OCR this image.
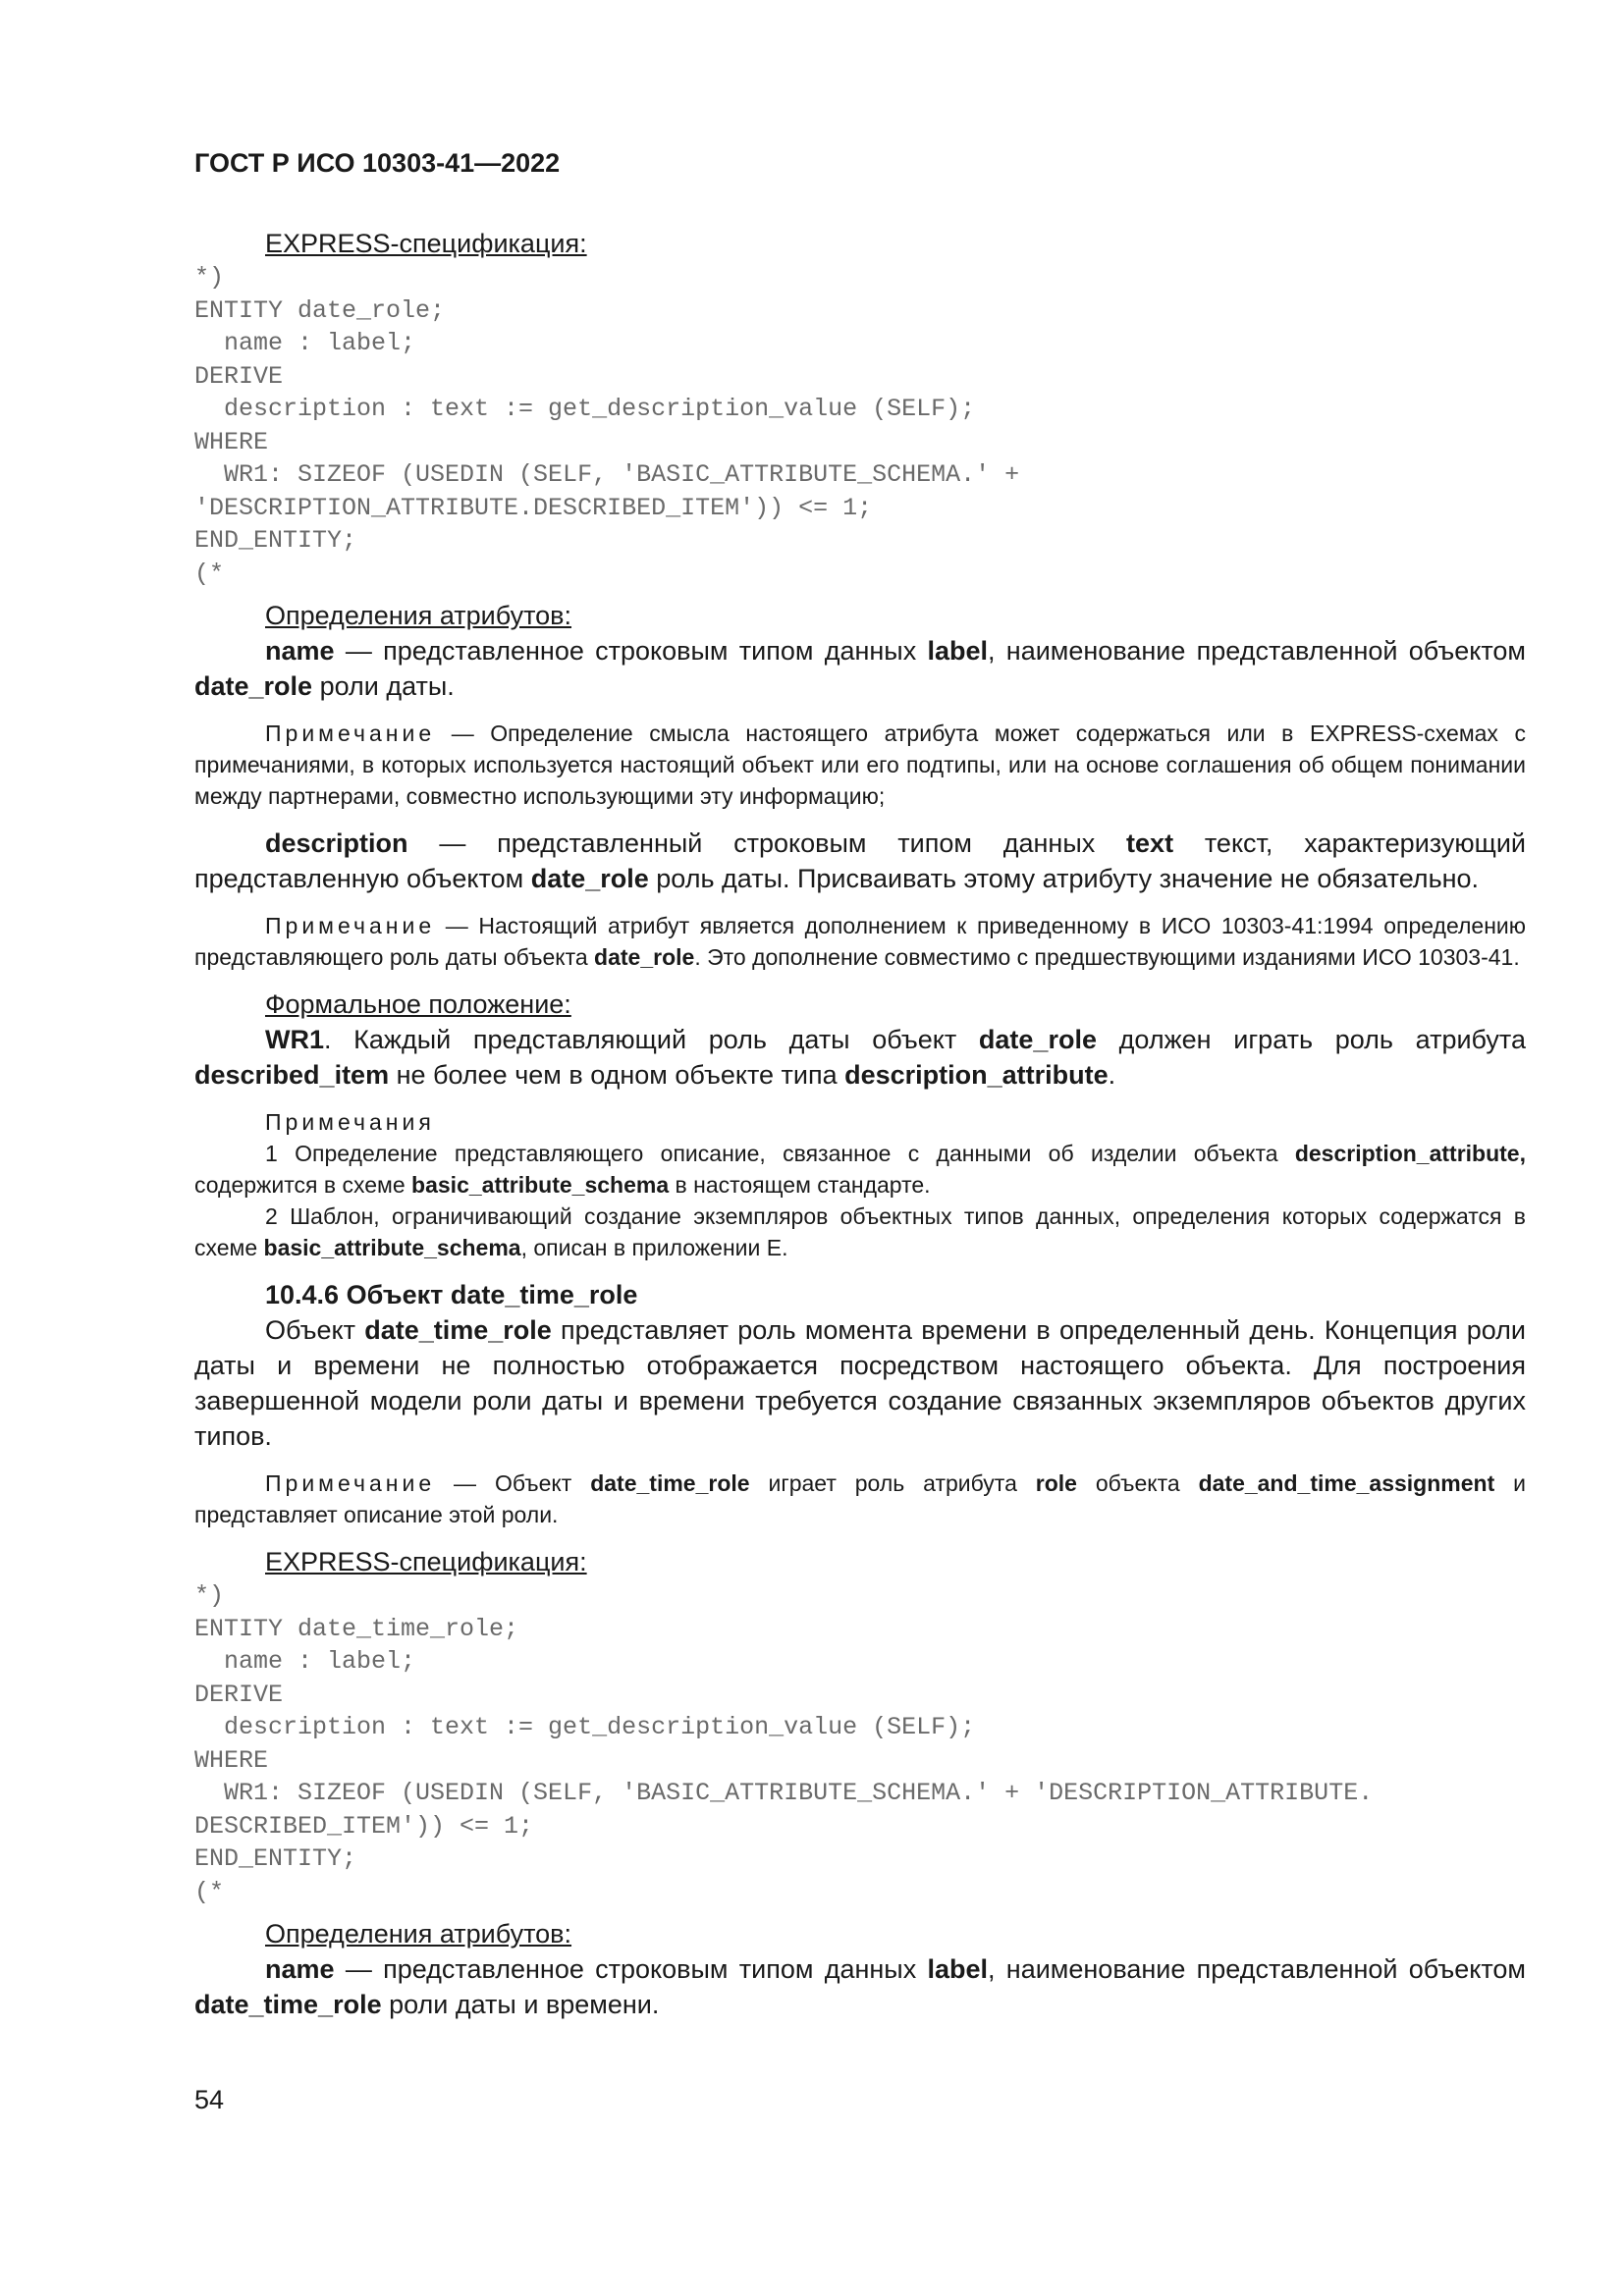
ГОСТ Р ИСО 10303-41—2022

EXPRESS-спецификация:

*)
ENTITY date_role;
name : label;
DERIVE
description : text := get_description_value (SELF);
WHERE
WR1: SIZEOF (USEDIN (SELF, 'BASIC_ATTRIBUTE_SCHEMA.' +
'DESCRIPTION_ATTRIBUTE.DESCRIBED_ITEM')) <= 1;
END_ENTITY;
(*

Определения атрибутов:

name — представленное строковым типом данных label, наименование представленной объектом date_role роли даты.

Примечание — Определение смысла настоящего атрибута может содержаться или в EXPRESS-схемах с примечаниями, в которых используется настоящий объект или его подтипы, или на основе соглашения об общем понимании между партнерами, совместно использующими эту информацию;

description — представленный строковым типом данных text текст, характеризующий представленную объектом date_role роль даты. Присваивать этому атрибуту значение не обязательно.

Примечание — Настоящий атрибут является дополнением к приведенному в ИСО 10303-41:1994 определению представляющего роль даты объекта date_role. Это дополнение совместимо с предшествующими изданиями ИСО 10303-41.

Формальное положение:

WR1. Каждый представляющий роль даты объект date_role должен играть роль атрибута described_item не более чем в одном объекте типа description_attribute.

Примечания

1 Определение представляющего описание, связанное с данными об изделии объекта description_attribute, содержится в схеме basic_attribute_schema в настоящем стандарте.

2 Шаблон, ограничивающий создание экземпляров объектных типов данных, определения которых содержатся в схеме basic_attribute_schema, описан в приложении Е.

10.4.6 Объект date_time_role

Объект date_time_role представляет роль момента времени в определенный день. Концепция роли даты и времени не полностью отображается посредством настоящего объекта. Для построения завершенной модели роли даты и времени требуется создание связанных экземпляров объектов других типов.

Примечание — Объект date_time_role играет роль атрибута role объекта date_and_time_assignment и представляет описание этой роли.

EXPRESS-спецификация:

*)
ENTITY date_time_role;
name : label;
DERIVE
description : text := get_description_value (SELF);
WHERE
WR1: SIZEOF (USEDIN (SELF, 'BASIC_ATTRIBUTE_SCHEMA.' + 'DESCRIPTION_ATTRIBUTE.
DESCRIBED_ITEM')) <= 1;
END_ENTITY;
(*

Определения атрибутов:

name — представленное строковым типом данных label, наименование представленной объектом date_time_role роли даты и времени.

54
